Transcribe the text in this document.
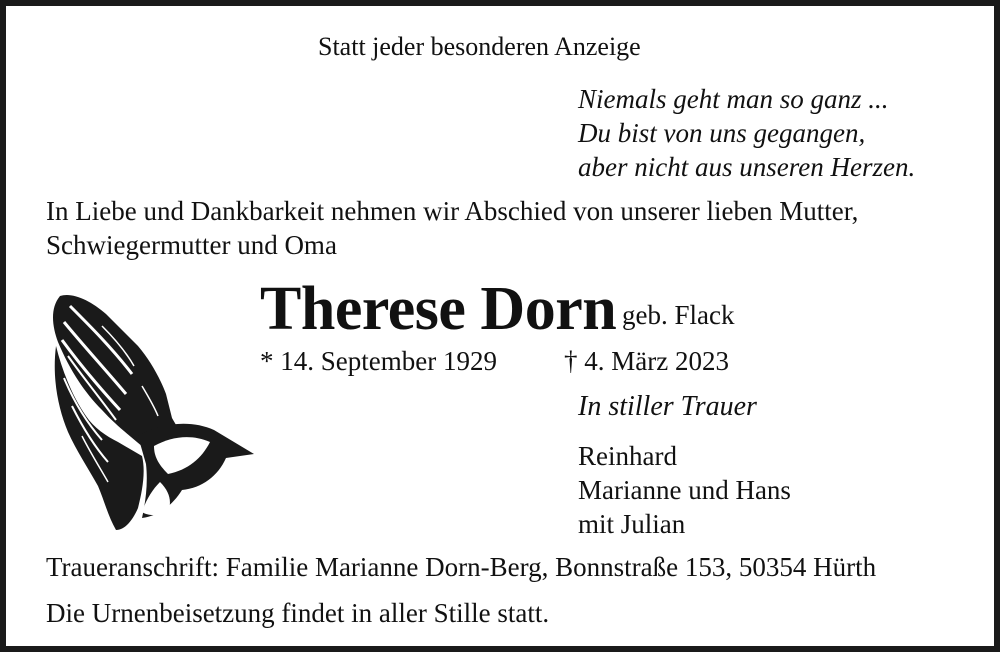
Statt jeder besonderen Anzeige

Niemals geht man so ganz ...
Du bist von uns gegangen,
aber nicht aus unseren Herzen.
In Liebe und Dankbarkeit nehmen wir Abschied von unserer lieben Mutter,
Schwiegermutter und Oma

Therese Dorn geb. Flack

* 14. September 1929 † 4. März 2023

In stiller Trauer

Reinhard
Marianne und Hans
mit Julian

Traueranschrift: Familie Marianne Dorn-Berg, Bonnstraße 153, 50354 Hürth

Die Urnenbeisetzung findet in aller Stille statt.
